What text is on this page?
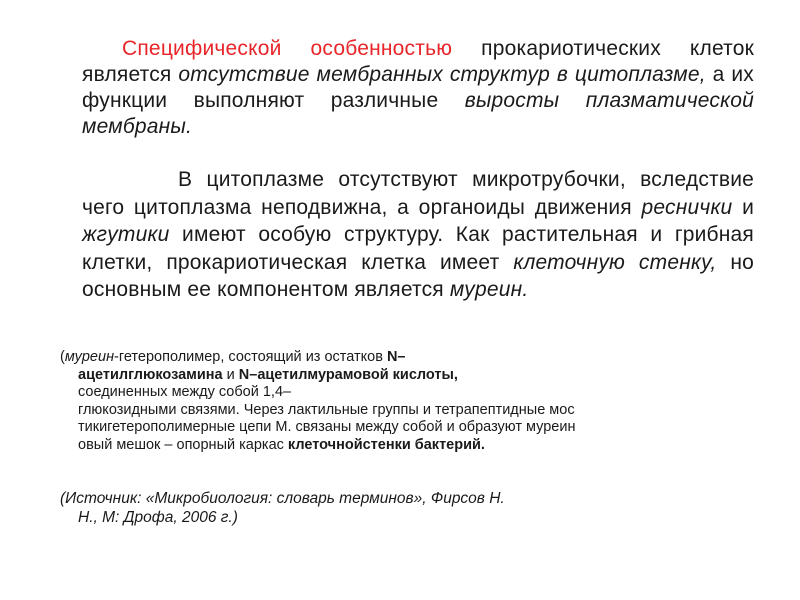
Специфической особенностью прокариотических клеток является отсутствие мембранных структур в цитоплазме, а их функции выполняют различные выросты плазматической мембраны.

В цитоплазме отсутствуют микротрубочки, вследствие чего цитоплазма неподвижна, а органоиды движения реснички и жгутики имеют особую структуру. Как растительная и грибная клетки, прокариотическая клетка имеет клеточную стенку, но основным ее компонентом является муреин.

(муреин-гетерополимер, состоящий из остатков N–
ацетилглюкозамина и N–ацетилмурамовой кислоты,
соединенных между собой 1,4–
глюкозидными связями. Через лактильные группы и тетрапептидные мос
тикигетерополимерные цепи М. связаны между собой и образуют муреин
овый мешок – опорный каркас клеточнойстенки бактерий.
(Источник: «Микробиология: словарь терминов», Фирсов Н.
Н., М: Дрофа, 2006 г.)
